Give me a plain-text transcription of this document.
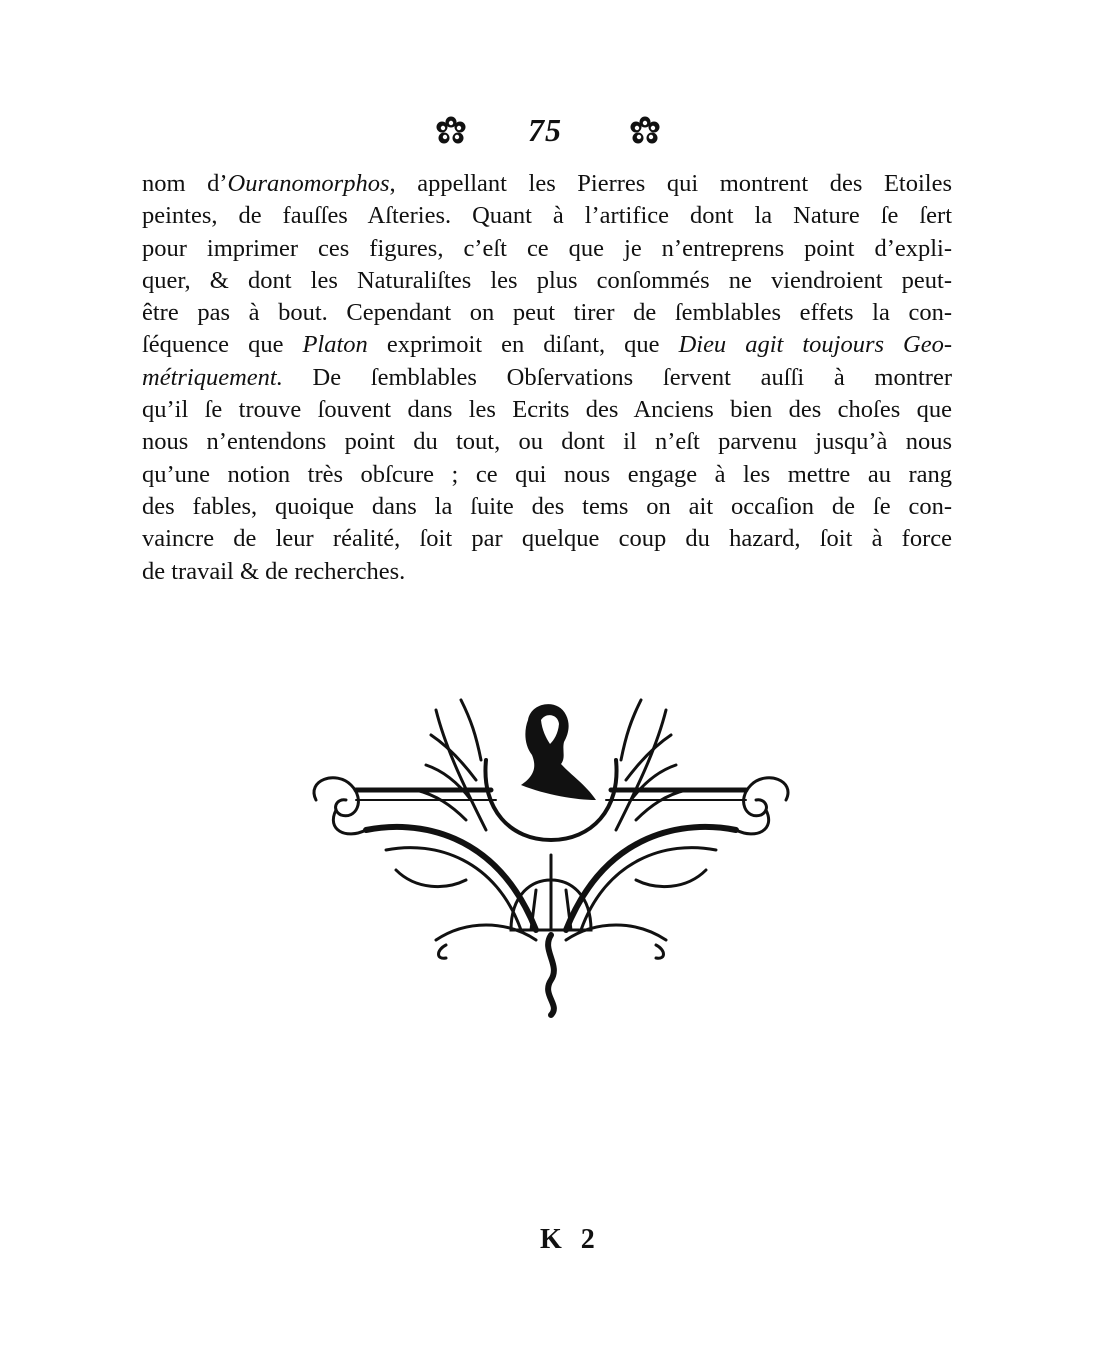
75
nom d’Ouranomorphos, appellant les Pierres qui montrent des Etoiles
peintes, de fauſſes Aſteries. Quant à l’artifice dont la Nature ſe ſert
pour imprimer ces figures, c’eſt ce que je n’entreprens point d’expli-
quer, & dont les Naturaliſtes les plus conſommés ne viendroient peut-
être pas à bout. Cependant on peut tirer de ſemblables effets la con-
ſéquence que Platon exprimoit en diſant, que Dieu agit toujours Geo-
métriquement. De ſemblables Obſervations ſervent auſſi à montrer
qu’il ſe trouve ſouvent dans les Ecrits des Anciens bien des choſes que
nous n’entendons point du tout, ou dont il n’eſt parvenu jusqu’à nous
qu’une notion très obſcure ; ce qui nous engage à les mettre au rang
des fables, quoique dans la ſuite des tems on ait occaſion de ſe con-
vaincre de leur réalité, ſoit par quelque coup du hazard, ſoit à force
de travail & de recherches.
K 2
